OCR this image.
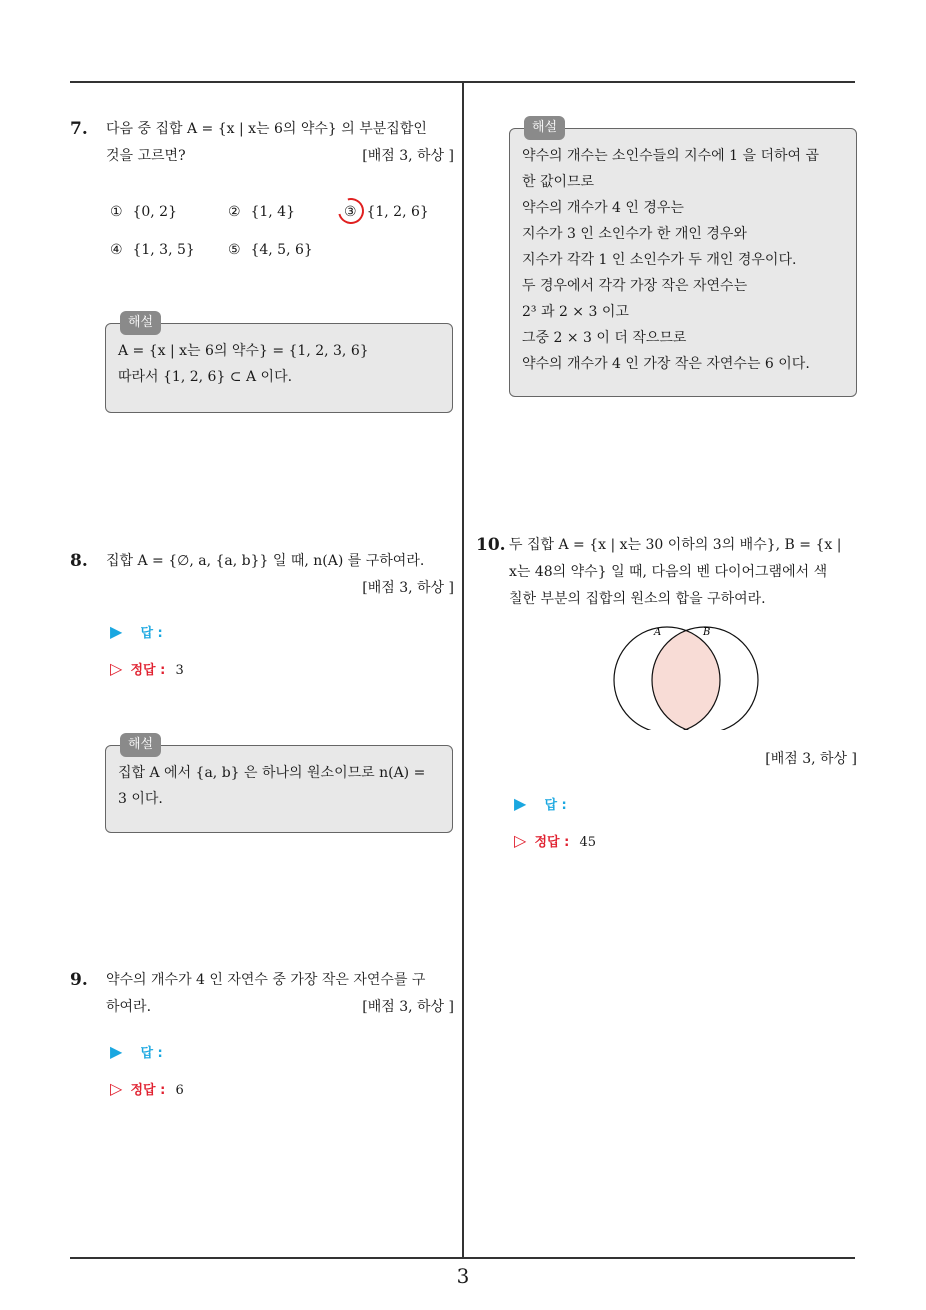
7. 다음 중 집합 A = {x | x는 6의 약수} 의 부분집합인

것을 고르면?	[배점 3, 하상 ]

① {0, 2}	② {1, 4}	③ {1, 2, 6}
④ {1, 3, 5} ⑤ {4, 5, 6}
해설

A = {x | x는 6의 약수} = {1, 2, 3, 6}

따라서 {1, 2, 6} ⊂ A 이다.

8. 집합 A = {∅, a, {a, b}} 일 때, n(A) 를 구하여라.

[배점 3, 하상 ]

▶ 답 :
▷ 정답 : 3
해설

집합 A 에서 {a, b} 은 하나의 원소이므로 n(A) =

3 이다.

9. 약수의 개수가 4 인 자연수 중 가장 작은 자연수를 구

하여라.	[배점 3, 하상 ]

▶ 답 :
▷ 정답 : 6
해설

약수의 개수는 소인수들의 지수에 1 을 더하여 곱

한 값이므로

약수의 개수가 4 인 경우는

지수가 3 인 소인수가 한 개인 경우와

지수가 각각 1 인 소인수가 두 개인 경우이다.

두 경우에서 각각 가장 작은 자연수는

2³ 과 2 × 3 이고

그중 2 × 3 이 더 작으므로

약수의 개수가 4 인 가장 작은 자연수는 6 이다.

10. 두 집합 A = {x | x는 30 이하의 3의 배수}, B = {x |

x는 48의 약수} 일 때, 다음의 벤 다이어그램에서 색

칠한 부분의 집합의 원소의 합을 구하여라.

A	B
[배점 3, 하상 ]
▶ 답 :
▷ 정답 : 45
3
